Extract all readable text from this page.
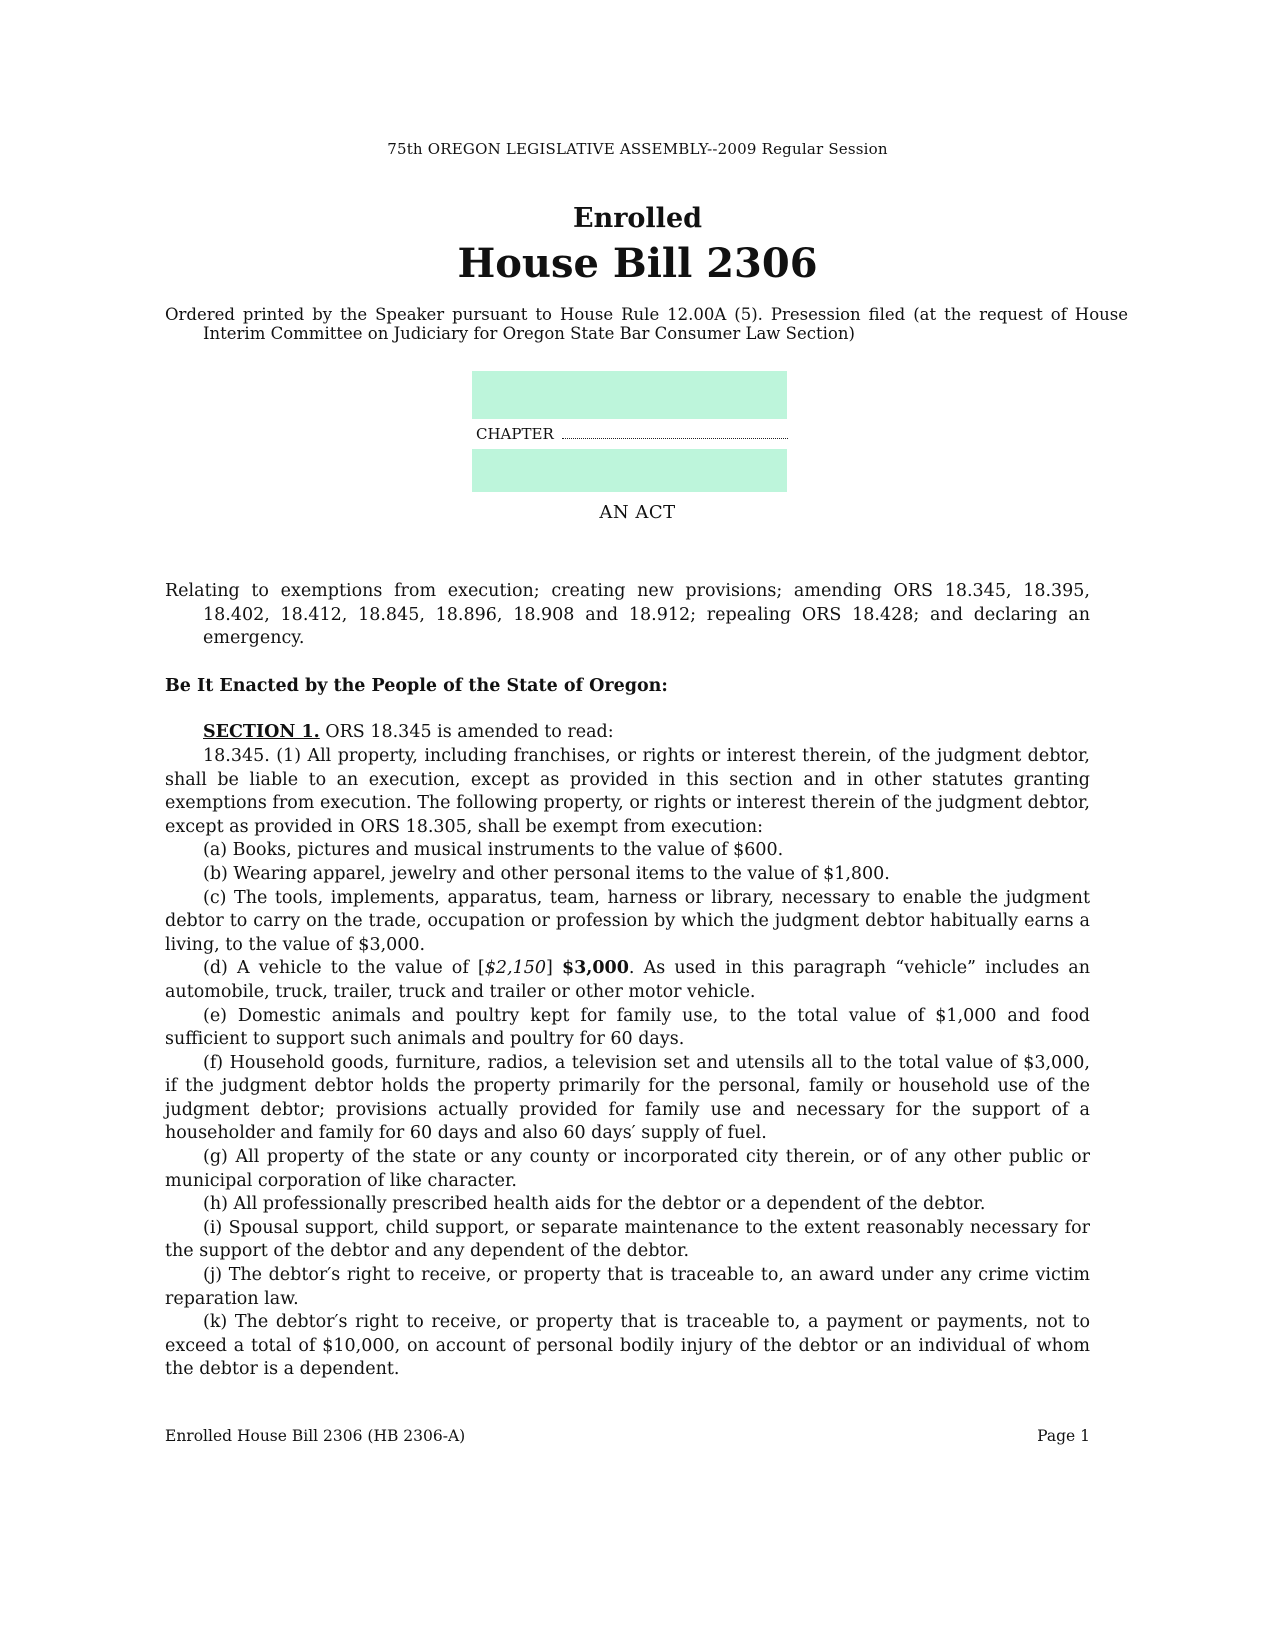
75th OREGON LEGISLATIVE ASSEMBLY--2009 Regular Session
Enrolled
House Bill 2306
Ordered printed by the Speaker pursuant to House Rule 12.00A (5). Presession filed (at the request of House Interim Committee on Judiciary for Oregon State Bar Consumer Law Section)
CHAPTER
AN ACT
Relating to exemptions from execution; creating new provisions; amending ORS 18.345, 18.395, 18.402, 18.412, 18.845, 18.896, 18.908 and 18.912; repealing ORS 18.428; and declaring an emergency.
Be It Enacted by the People of the State of Oregon:

SECTION 1. ORS 18.345 is amended to read:

18.345. (1) All property, including franchises, or rights or interest therein, of the judgment debtor, shall be liable to an execution, except as provided in this section and in other statutes granting exemptions from execution. The following property, or rights or interest therein of the judgment debtor, except as provided in ORS 18.305, shall be exempt from execution:

(a) Books, pictures and musical instruments to the value of $600.

(b) Wearing apparel, jewelry and other personal items to the value of $1,800.

(c) The tools, implements, apparatus, team, harness or library, necessary to enable the judgment debtor to carry on the trade, occupation or profession by which the judgment debtor habitually earns a living, to the value of $3,000.

(d) A vehicle to the value of [$2,150] $3,000. As used in this paragraph “vehicle” includes an automobile, truck, trailer, truck and trailer or other motor vehicle.

(e) Domestic animals and poultry kept for family use, to the total value of $1,000 and food sufficient to support such animals and poultry for 60 days.

(f) Household goods, furniture, radios, a television set and utensils all to the total value of $3,000, if the judgment debtor holds the property primarily for the personal, family or household use of the judgment debtor; provisions actually provided for family use and necessary for the support of a householder and family for 60 days and also 60 days′ supply of fuel.

(g) All property of the state or any county or incorporated city therein, or of any other public or municipal corporation of like character.

(h) All professionally prescribed health aids for the debtor or a dependent of the debtor.

(i) Spousal support, child support, or separate maintenance to the extent reasonably necessary for the support of the debtor and any dependent of the debtor.

(j) The debtor′s right to receive, or property that is traceable to, an award under any crime victim reparation law.

(k) The debtor′s right to receive, or property that is traceable to, a payment or payments, not to exceed a total of $10,000, on account of personal bodily injury of the debtor or an individual of whom the debtor is a dependent.

Enrolled House Bill 2306 (HB 2306-A)	Page 1
